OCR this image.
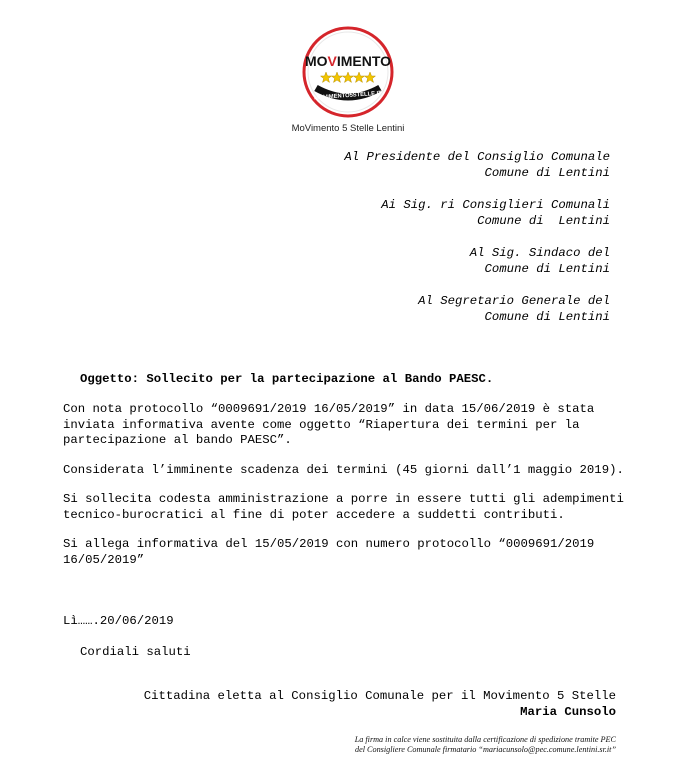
MOVIMENTO
MOVIMENTO5STELLE.IT
MoVimento 5 Stelle Lentini
Al Presidente del Consiglio Comunale
Comune di Lentini
Ai Sig. ri Consiglieri Comunali
Comune di  Lentini
Al Sig. Sindaco del
Comune di Lentini
Al Segretario Generale del
Comune di Lentini
Oggetto: Sollecito per la partecipazione al Bando PAESC.

Con nota protocollo “0009691/2019 16/05/2019” in data 15/06/2019 è stata inviata informativa avente come oggetto “Riapertura dei termini per la partecipazione al bando PAESC”.

Considerata l’imminente scadenza dei termini (45 giorni dall’1 maggio 2019).

Si sollecita codesta amministrazione a porre in essere tutti gli adempimenti tecnico-burocratici al fine di poter accedere a suddetti contributi.

Si allega informativa del 15/05/2019 con numero protocollo “0009691/2019 16/05/2019”

Lì…….20/06/2019
Cordiali saluti
Cittadina eletta al Consiglio Comunale per il Movimento 5 Stelle
Maria Cunsolo
La firma in calce viene sostituita dalla certificazione di spedizione tramite PEC
del Consigliere Comunale firmatario “mariacunsolo@pec.comune.lentini.sr.it”
